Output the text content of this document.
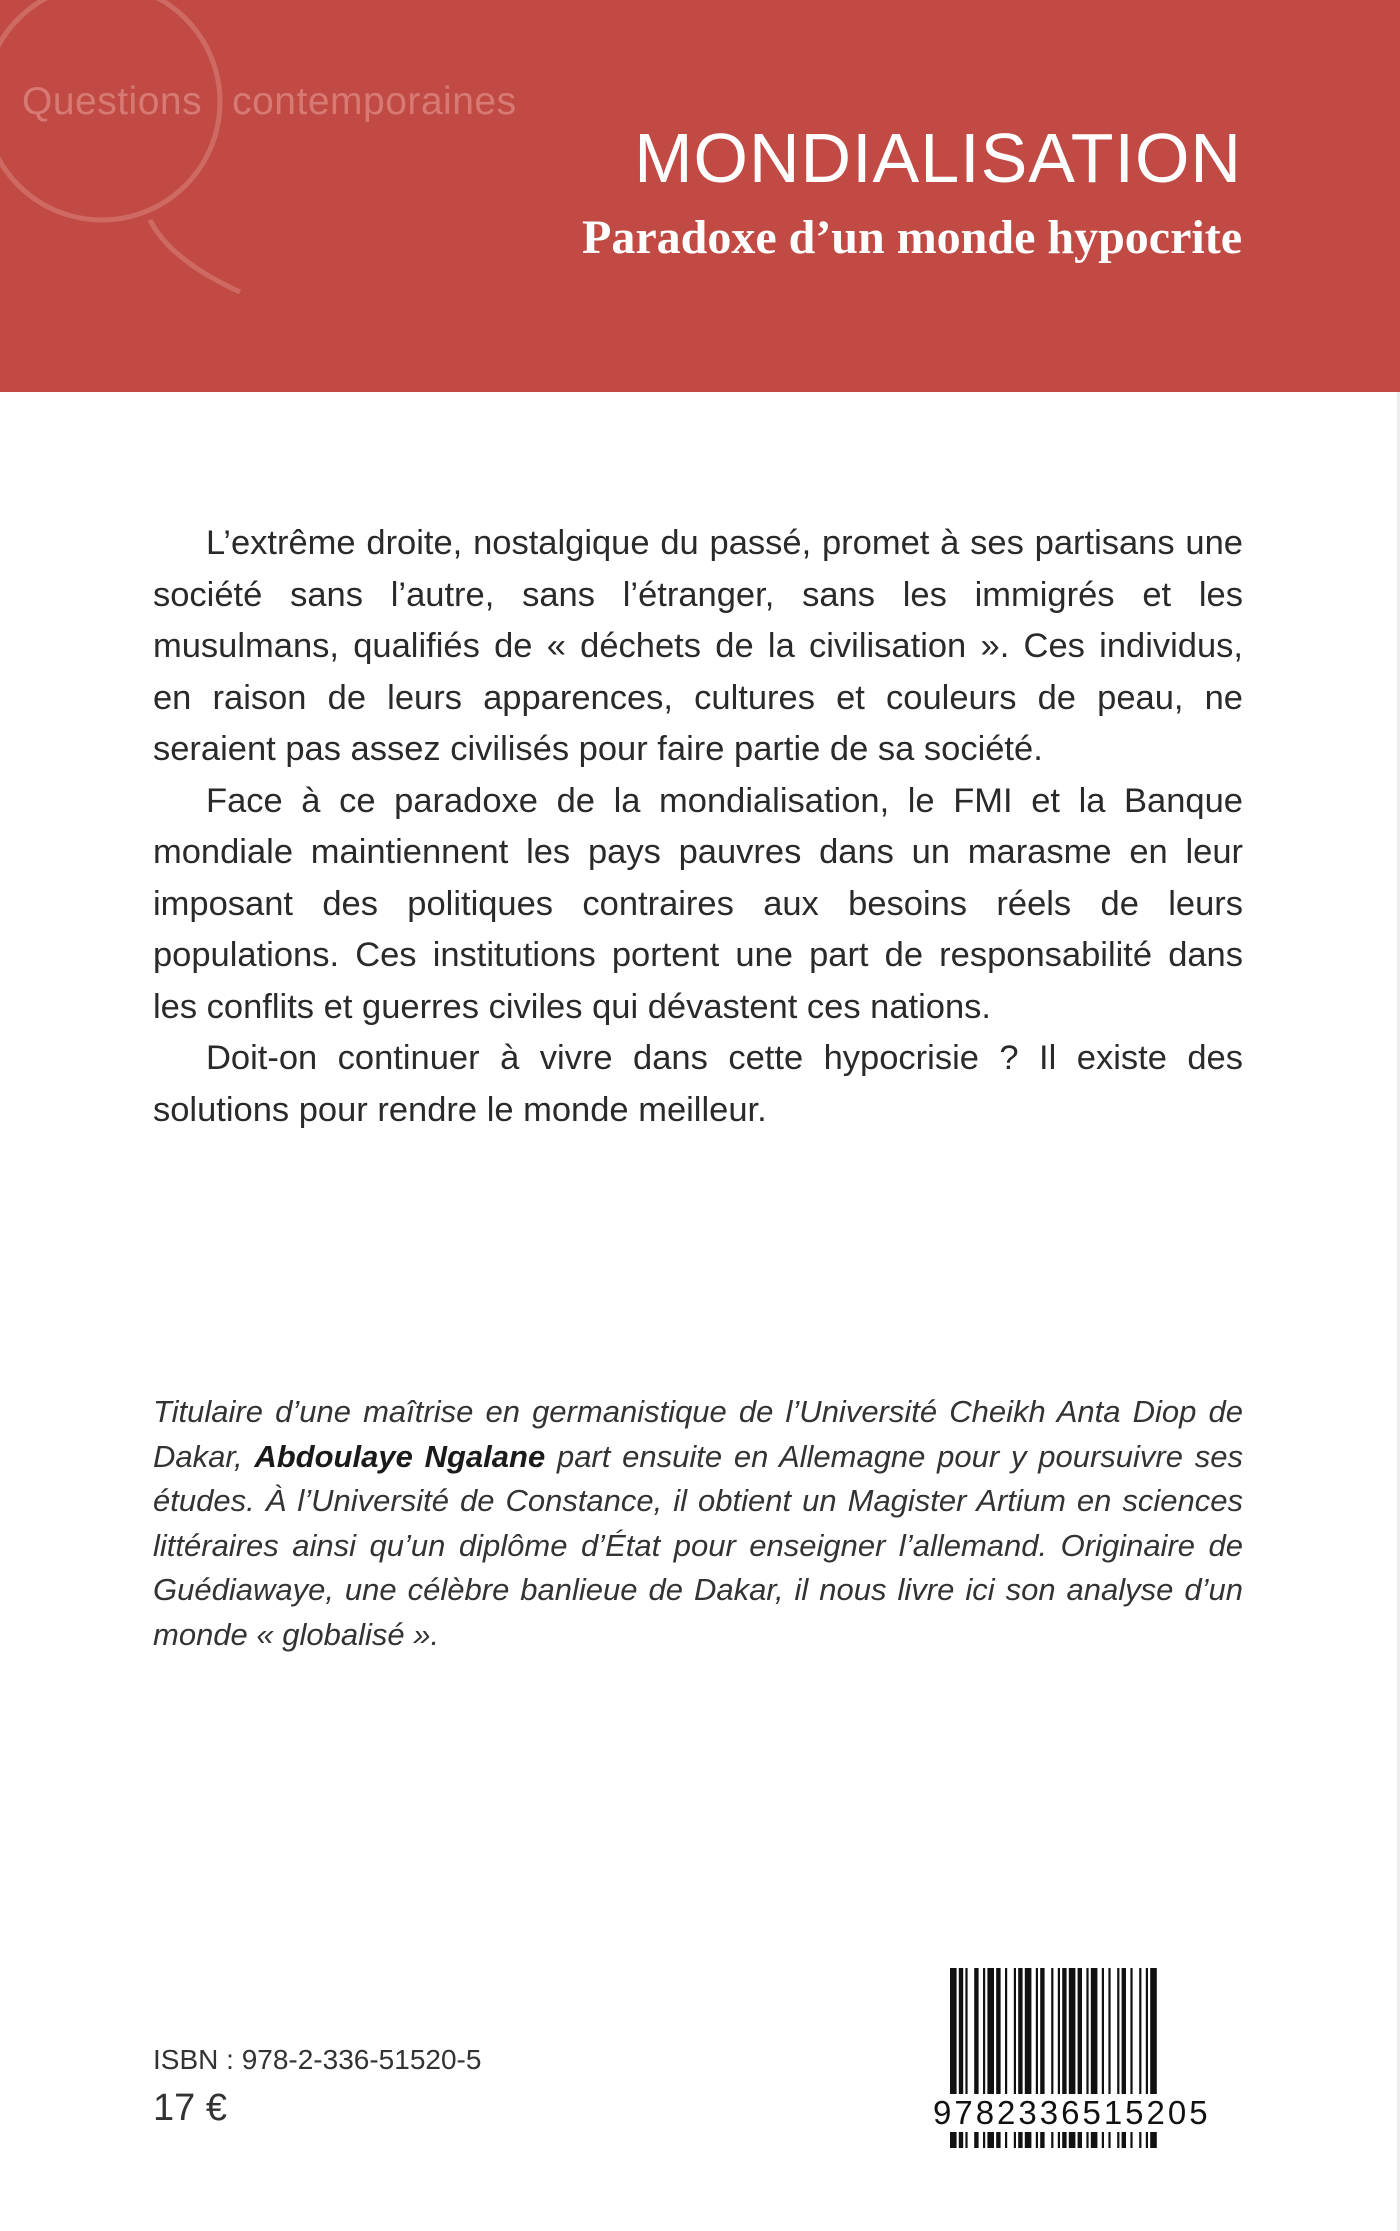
Questions contemporaines
MONDIALISATION
Paradoxe d’un monde hypocrite

L’extrême droite, nostalgique du passé, promet à ses partisans une société sans l’autre, sans l’étranger, sans les immigrés et les musulmans, qualifiés de « déchets de la civilisation ». Ces individus, en raison de leurs apparences, cultures et couleurs de peau, ne seraient pas assez civilisés pour faire partie de sa société.

Face à ce paradoxe de la mondialisation, le FMI et la Banque mondiale maintiennent les pays pauvres dans un marasme en leur imposant des politiques contraires aux besoins réels de leurs populations. Ces institutions portent une part de responsabilité dans les conflits et guerres civiles qui dévastent ces nations.

Doit-on continuer à vivre dans cette hypocrisie ? Il existe des solutions pour rendre le monde meilleur.

Titulaire d’une maîtrise en germanistique de l’Université Cheikh Anta Diop de Dakar, Abdoulaye Ngalane part ensuite en Allemagne pour y poursuivre ses études. À l’Université de Constance, il obtient un Magister Artium en sciences littéraires ainsi qu’un diplôme d’État pour enseigner l’allemand. Originaire de Guédiawaye, une célèbre banlieue de Dakar, il nous livre ici son analyse d’un monde « globalisé ».
ISBN : 978-2-336-51520-5
17 €	9782336515205
